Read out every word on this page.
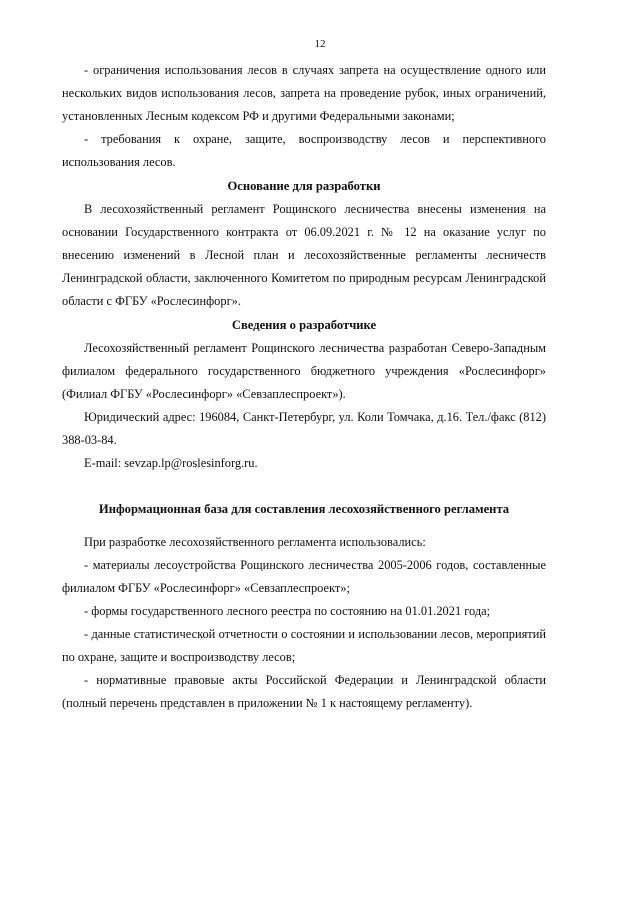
12

- ограничения использования лесов в случаях запрета на осуществление одного или нескольких видов использования лесов, запрета на проведение рубок, иных ограничений, установленных Лесным кодексом РФ и другими Федеральными законами;

- требования к охране, защите, воспроизводству лесов и перспективного использования лесов.

Основание для разработки

В лесохозяйственный регламент Рощинского лесничества внесены изменения на основании Государственного контракта от 06.09.2021 г. № 12 на оказание услуг по внесению изменений в Лесной план и лесохозяйственные регламенты лесничеств Ленинградской области, заключенного Комитетом по природным ресурсам Ленинградской области с ФГБУ «Рослесинфорг».

Сведения о разработчике

Лесохозяйственный регламент Рощинского лесничества разработан Северо-Западным филиалом федерального государственного бюджетного учреждения «Рослесинфорг» (Филиал ФГБУ «Рослесинфорг» «Севзаплеспроект»).

Юридический адрес: 196084, Санкт-Петербург, ул. Коли Томчака, д.16. Тел./факс (812) 388-03-84.

E-mail: sevzap.lp@roslesinforg.ru.

Информационная база для составления лесохозяйственного регламента

При разработке лесохозяйственного регламента использовались:

- материалы лесоустройства Рощинского лесничества 2005-2006 годов, составленные филиалом ФГБУ «Рослесинфорг» «Севзаплеспроект»;

- формы государственного лесного реестра по состоянию на 01.01.2021 года;

- данные статистической отчетности о состоянии и использовании лесов, мероприятий по охране, защите и воспроизводству лесов;

- нормативные правовые акты Российской Федерации и Ленинградской области (полный перечень представлен в приложении № 1 к настоящему регламенту).
